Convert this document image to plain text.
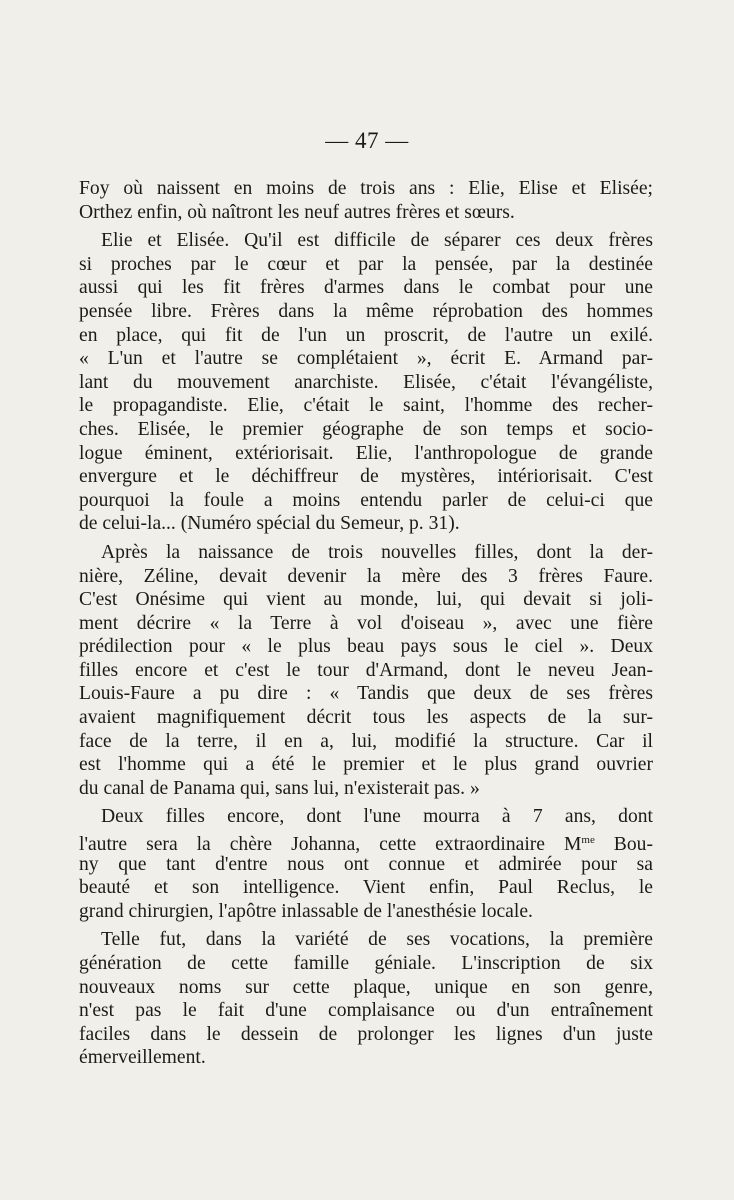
— 47 —
Foy où naissent en moins de trois ans : Elie, Elise et Elisée;
Orthez enfin, où naîtront les neuf autres frères et sœurs.
Elie et Elisée. Qu'il est difficile de séparer ces deux frères
si proches par le cœur et par la pensée, par la destinée
aussi qui les fit frères d'armes dans le combat pour une
pensée libre. Frères dans la même réprobation des hommes
en place, qui fit de l'un un proscrit, de l'autre un exilé.
« L'un et l'autre se complétaient », écrit E. Armand par-
lant du mouvement anarchiste. Elisée, c'était l'évangéliste,
le propagandiste. Elie, c'était le saint, l'homme des recher-
ches. Elisée, le premier géographe de son temps et socio-
logue éminent, extériorisait. Elie, l'anthropologue de grande
envergure et le déchiffreur de mystères, intériorisait. C'est
pourquoi la foule a moins entendu parler de celui-ci que
de celui-la... (Numéro spécial du Semeur, p. 31).
Après la naissance de trois nouvelles filles, dont la der-
nière, Zéline, devait devenir la mère des 3 frères Faure.
C'est Onésime qui vient au monde, lui, qui devait si joli-
ment décrire « la Terre à vol d'oiseau », avec une fière
prédilection pour « le plus beau pays sous le ciel ». Deux
filles encore et c'est le tour d'Armand, dont le neveu Jean-
Louis-Faure a pu dire : « Tandis que deux de ses frères
avaient magnifiquement décrit tous les aspects de la sur-
face de la terre, il en a, lui, modifié la structure. Car il
est l'homme qui a été le premier et le plus grand ouvrier
du canal de Panama qui, sans lui, n'existerait pas. »
Deux filles encore, dont l'une mourra à 7 ans, dont
l'autre sera la chère Johanna, cette extraordinaire $M^{me}$ Bou-
ny que tant d'entre nous ont connue et admirée pour sa
beauté et son intelligence. Vient enfin, Paul Reclus, le
grand chirurgien, l'apôtre inlassable de l'anesthésie locale.
Telle fut, dans la variété de ses vocations, la première
génération de cette famille géniale. L'inscription de six
nouveaux noms sur cette plaque, unique en son genre,
n'est pas le fait d'une complaisance ou d'un entraînement
faciles dans le dessein de prolonger les lignes d'un juste
émerveillement.
